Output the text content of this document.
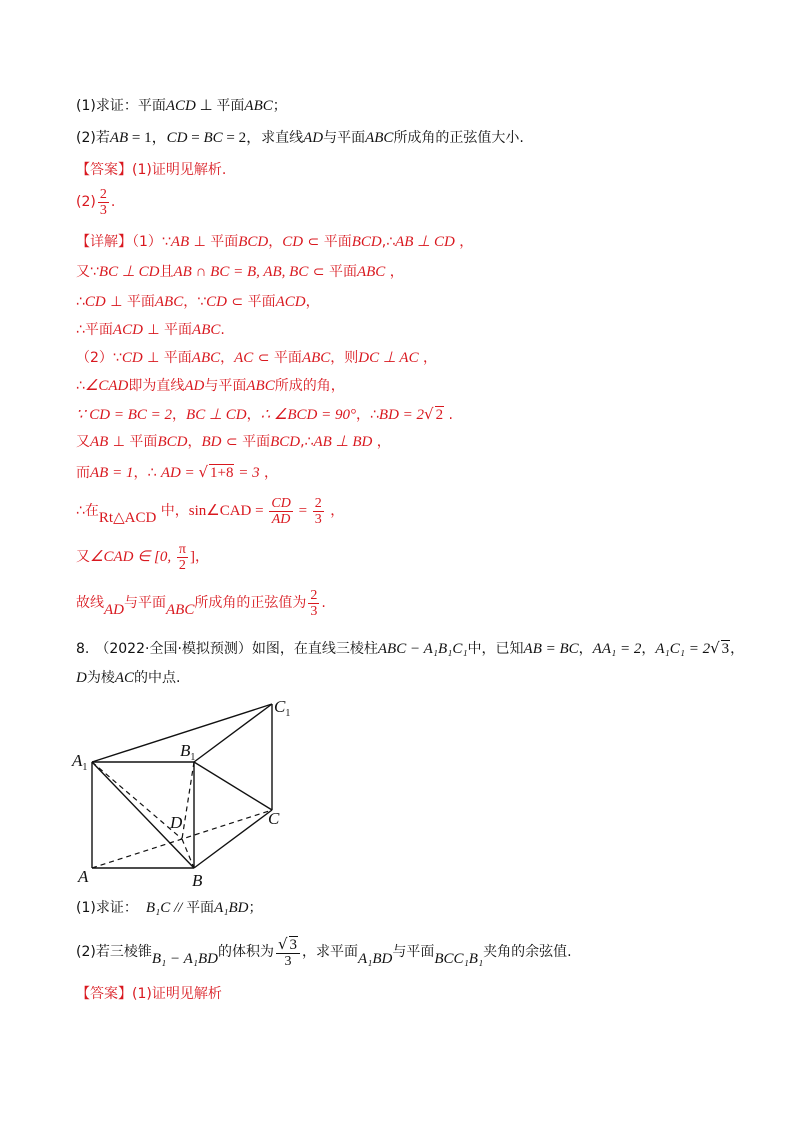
(1)求证：平面ACD ⊥ 平面ABC；
(2)若AB = 1，CD = BC = 2，求直线AD与平面ABC所成角的正弦值大小.
【答案】(1)证明见解析.
$(2) \frac{2}{3}$ .
【详解】（1）∵AB ⊥ 平面BCD，CD ⊂ 平面BCD,∴AB ⊥ CD ，
又∵BC ⊥ CD且AB ∩ BC = B, AB, BC ⊂ 平面ABC ，
∴CD ⊥ 平面ABC，∵CD ⊂ 平面ACD，
∴平面ACD ⊥ 平面ABC.
（2）∵CD ⊥ 平面ABC，AC ⊂ 平面ABC，则DC ⊥ AC ，
∴∠CAD即为直线AD与平面ABC所成的角，
∵ CD = BC = 2，BC ⊥ CD，∴ ∠BCD = 90°，∴BD = 2√ 2 .
又AB ⊥ 平面BCD，BD ⊂ 平面BCD,∴AB ⊥ BD ，
而AB = 1，∴ AD = √ 1+8 = 3 ，
∴在Rt△ACD 中，sin∠CAD = $\frac{CD}{AD} = \frac{2}{3}$ ，
又∠CAD ∈ [0, $\frac{\pi}{2}$ ]，
故线AD与平面ABC所成角的正弦值为 $\frac{2}{3}$ .
8. （2022·全国·模拟预测）如图，在直线三棱柱ABC − A₁B₁C₁中，已知AB = BC，AA₁ = 2，A₁C₁ = 2√ 3，
D为棱AC的中点.
$A_1$
$B_1$
$C_1$
A	B
C
D
(1)求证： B₁C // 平面A₁BD；
(2)若三棱锥B₁ − A₁BD的体积为 $\frac{√ 3}{3}$ ，求平面A₁BD与平面BCC₁B₁夹角的余弦值.
【答案】(1)证明见解析
